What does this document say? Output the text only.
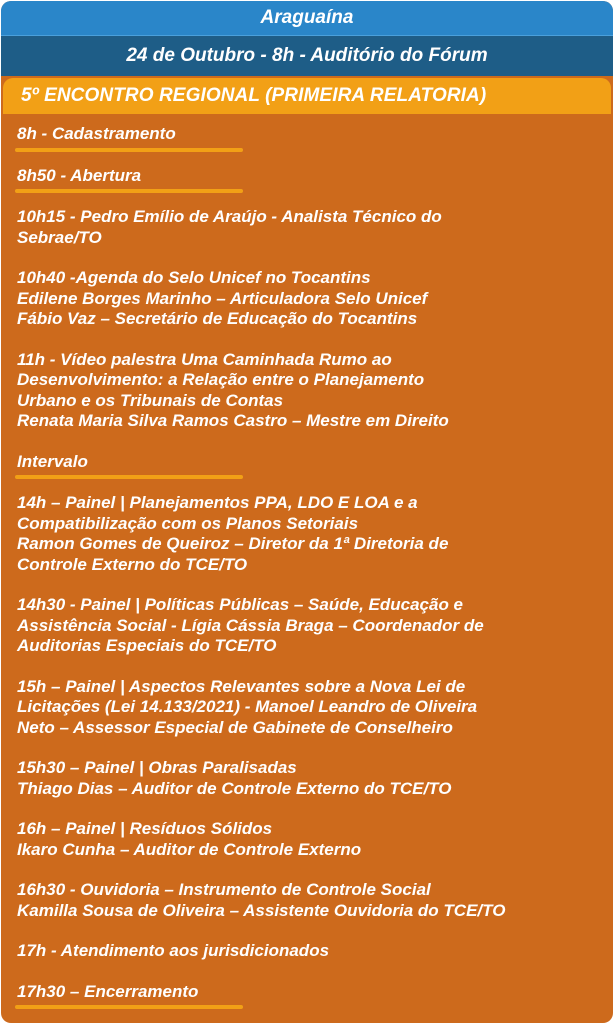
Araguaína
24 de Outubro - 8h - Auditório do Fórum
5º ENCONTRO REGIONAL (PRIMEIRA RELATORIA)
8h - Cadastramento
8h50 - Abertura
10h15 - Pedro Emílio de Araújo - Analista Técnico do
Sebrae/TO
10h40 -Agenda do Selo Unicef no Tocantins
Edilene Borges Marinho – Articuladora Selo Unicef
Fábio Vaz – Secretário de Educação do Tocantins
11h - Vídeo palestra Uma Caminhada Rumo ao
Desenvolvimento: a Relação entre o Planejamento
Urbano e os Tribunais de Contas
Renata Maria Silva Ramos Castro – Mestre em Direito
Intervalo
14h – Painel | Planejamentos PPA, LDO E LOA e a
Compatibilização com os Planos Setoriais
Ramon Gomes de Queiroz – Diretor da 1ª Diretoria de
Controle Externo do TCE/TO
14h30 - Painel | Políticas Públicas – Saúde, Educação e
Assistência Social - Lígia Cássia Braga – Coordenador de
Auditorias Especiais do TCE/TO
15h – Painel | Aspectos Relevantes sobre a Nova Lei de
Licitações (Lei 14.133/2021) - Manoel Leandro de Oliveira
Neto – Assessor Especial de Gabinete de Conselheiro
15h30 – Painel | Obras Paralisadas
Thiago Dias – Auditor de Controle Externo do TCE/TO
16h – Painel | Resíduos Sólidos
Ikaro Cunha – Auditor de Controle Externo
16h30 - Ouvidoria – Instrumento de Controle Social
Kamilla Sousa de Oliveira – Assistente Ouvidoria do TCE/TO
17h - Atendimento aos jurisdicionados
17h30 – Encerramento
